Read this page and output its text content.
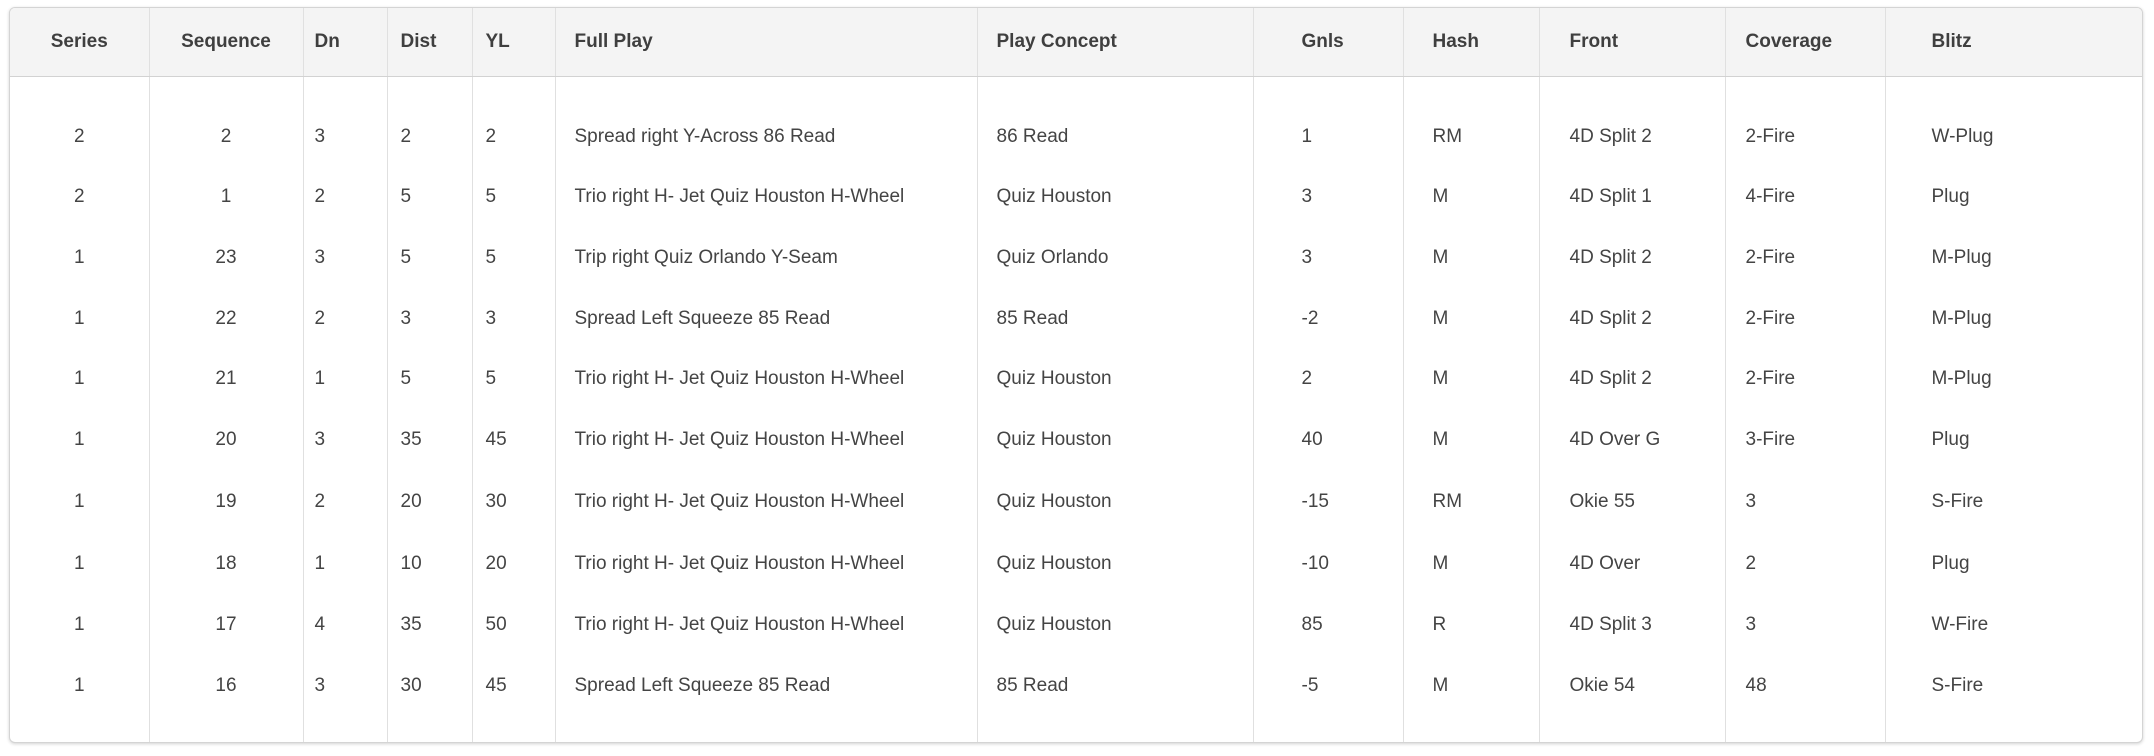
Series	Sequence	Dn	Dist	YL	Full Play	Play Concept	Gnls	Hash	Front	Coverage	Blitz

2	2	3	2	2	Spread right Y-Across 86 Read	86 Read	1	RM	4D Split 2	2-Fire	W-Plug
2	1	2	5	5	Trio right H- Jet Quiz Houston H-Wheel	Quiz Houston	3	M	4D Split 1	4-Fire	Plug
1	23	3	5	5	Trip right Quiz Orlando Y-Seam	Quiz Orlando	3	M	4D Split 2	2-Fire	M-Plug
1	22	2	3	3	Spread Left Squeeze 85 Read	85 Read	-2	M	4D Split 2	2-Fire	M-Plug
1	21	1	5	5	Trio right H- Jet Quiz Houston H-Wheel	Quiz Houston	2	M	4D Split 2	2-Fire	M-Plug
1	20	3	35	45	Trio right H- Jet Quiz Houston H-Wheel	Quiz Houston	40	M	4D Over G	3-Fire	Plug
1	19	2	20	30	Trio right H- Jet Quiz Houston H-Wheel	Quiz Houston	-15	RM	Okie 55	3	S-Fire
1	18	1	10	20	Trio right H- Jet Quiz Houston H-Wheel	Quiz Houston	-10	M	4D Over	2	Plug
1	17	4	35	50	Trio right H- Jet Quiz Houston H-Wheel	Quiz Houston	85	R	4D Split 3	3	W-Fire
1	16	3	30	45	Spread Left Squeeze 85 Read	85 Read	-5	M	Okie 54	48	S-Fire
